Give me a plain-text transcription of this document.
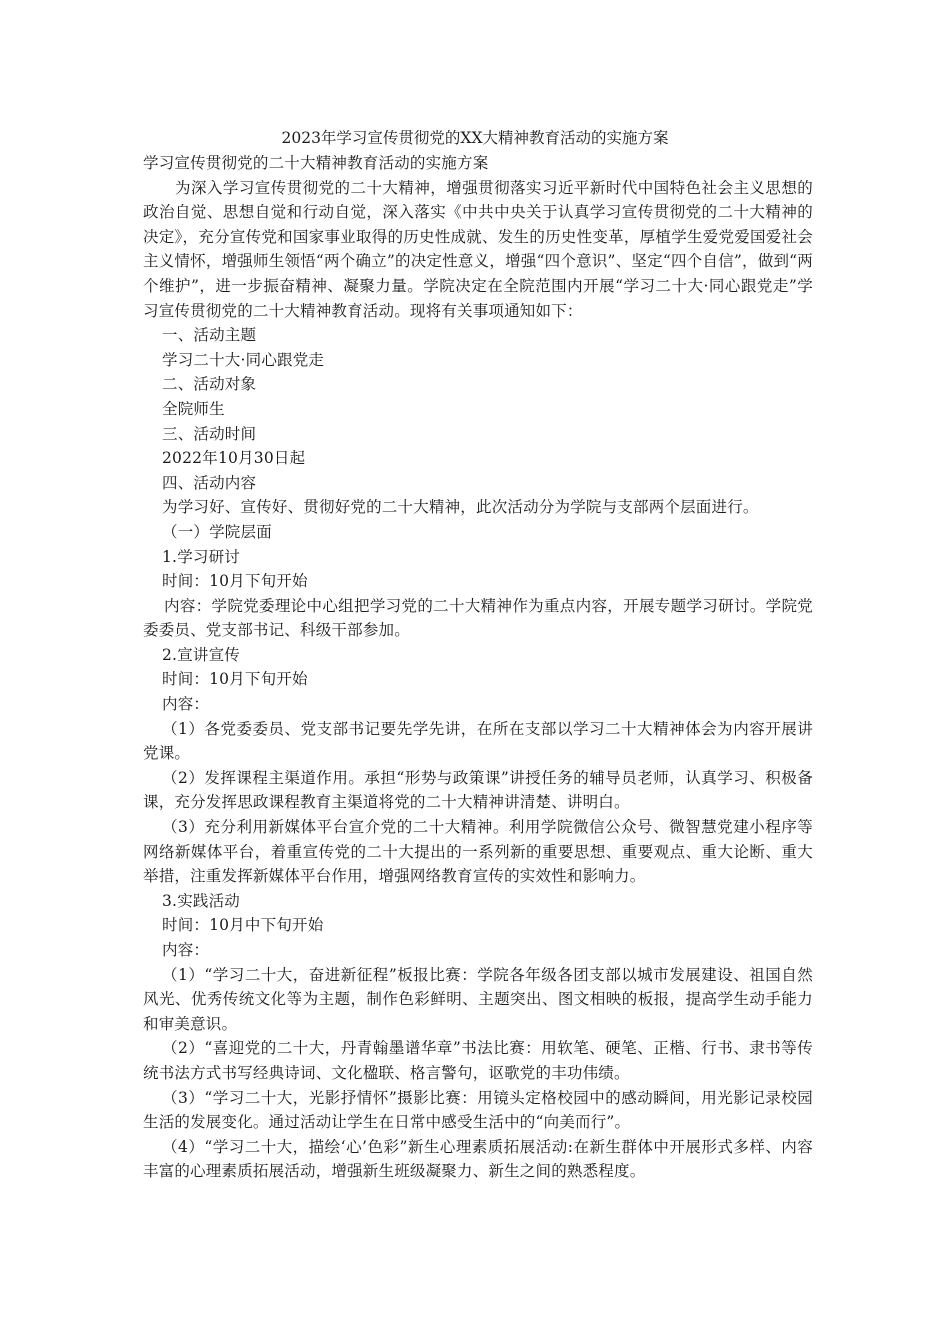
2023年学习宣传贯彻党的XX大精神教育活动的实施方案

学习宣传贯彻党的二十大精神教育活动的实施方案

为深入学习宣传贯彻党的二十大精神，增强贯彻落实习近平新时代中国特色社会主义思想的政治自觉、思想自觉和行动自觉，深入落实《中共中央关于认真学习宣传贯彻党的二十大精神的决定》，充分宣传党和国家事业取得的历史性成就、发生的历史性变革，厚植学生爱党爱国爱社会主义情怀，增强师生领悟“两个确立”的决定性意义，增强“四个意识”、坚定“四个自信”，做到“两个维护”，进一步振奋精神、凝聚力量。学院决定在全院范围内开展“学习二十大·同心跟党走”学习宣传贯彻党的二十大精神教育活动。现将有关事项通知如下：

一、活动主题

学习二十大·同心跟党走

二、活动对象

全院师生

三、活动时间

2022年10月30日起

四、活动内容

为学习好、宣传好、贯彻好党的二十大精神，此次活动分为学院与支部两个层面进行。

（一）学院层面

1.学习研讨

时间：10月下旬开始

内容：学院党委理论中心组把学习党的二十大精神作为重点内容，开展专题学习研讨。学院党委委员、党支部书记、科级干部参加。

2.宣讲宣传

时间：10月下旬开始

内容：

（1）各党委委员、党支部书记要先学先讲，在所在支部以学习二十大精神体会为内容开展讲党课。

（2）发挥课程主渠道作用。承担“形势与政策课”讲授任务的辅导员老师，认真学习、积极备课，充分发挥思政课程教育主渠道将党的二十大精神讲清楚、讲明白。

（3）充分利用新媒体平台宣介党的二十大精神。利用学院微信公众号、微智慧党建小程序等网络新媒体平台，着重宣传党的二十大提出的一系列新的重要思想、重要观点、重大论断、重大举措，注重发挥新媒体平台作用，增强网络教育宣传的实效性和影响力。

3.实践活动

时间：10月中下旬开始

内容：

（1）“学习二十大，奋进新征程”板报比赛：学院各年级各团支部以城市发展建设、祖国自然风光、优秀传统文化等为主题，制作色彩鲜明、主题突出、图文相映的板报，提高学生动手能力和审美意识。

（2）“喜迎党的二十大，丹青翰墨谱华章”书法比赛：用软笔、硬笔、正楷、行书、隶书等传统书法方式书写经典诗词、文化楹联、格言警句，讴歌党的丰功伟绩。

（3）“学习二十大，光影抒情怀”摄影比赛：用镜头定格校园中的感动瞬间，用光影记录校园生活的发展变化。通过活动让学生在日常中感受生活中的“向美而行”。

（4）“学习二十大，描绘‘心’色彩”新生心理素质拓展活动:在新生群体中开展形式多样、内容丰富的心理素质拓展活动，增强新生班级凝聚力、新生之间的熟悉程度。
